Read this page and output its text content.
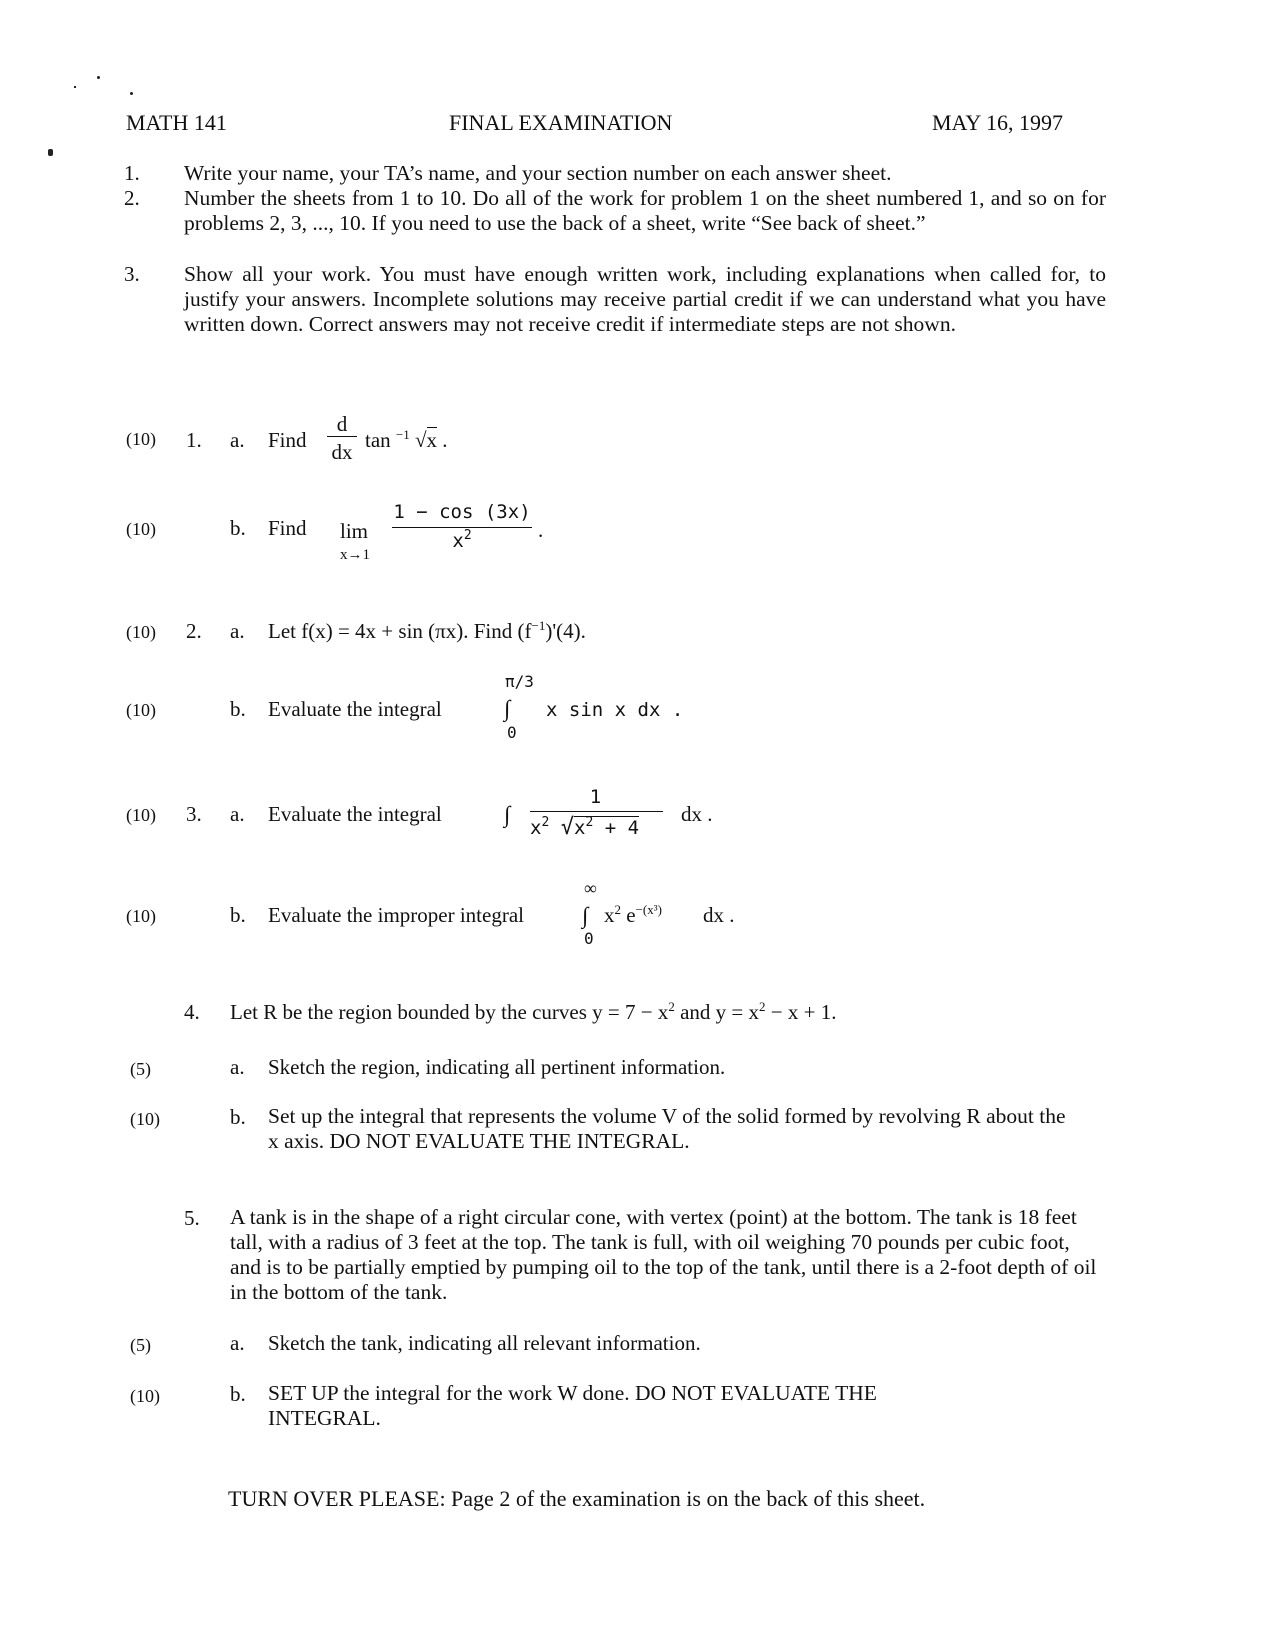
MATH 141	FINAL EXAMINATION	MAY 16, 1997
1. Write your name, your TA’s name, and your section number on each answer sheet.
2. Number the sheets from 1 to 10. Do all of the work for problem 1 on the sheet numbered 1, and so on for problems 2, 3, ..., 10. If you need to use the back of a sheet, write “See back of sheet.”
3. Show all your work. You must have enough written work, including explanations when called for, to justify your answers. Incomplete solutions may receive partial credit if we can understand what you have written down. Correct answers may not receive credit if intermediate steps are not shown.
(10) 1. a. Find
d
dx tan $^{-1}$ √x .
(10)	b. Find lim
x→1
1 − cos (3x)
$x^2$	.
(10) 2. a. Let f(x) = 4x + sin (πx). Find $(f^{-1})'(4)$.
(10)	b. Evaluate the integral
π/3
∫
0
x sin x dx .
(10) 3. a. Evaluate the integral	∫
1
$x^2$ $√x^2 + 4$
dx .
(10)	b. Evaluate the improper integral
∞
∫
0
$x^2$ $e^{-(x^3)}$ dx .
4. Let R be the region bounded by the curves $y = 7 - x^2$ and $y = x^2 - x + 1$.
(5)	a. Sketch the region, indicating all pertinent information.
(10)	b. Set up the integral that represents the volume V of the solid formed by revolving R about the x axis. DO NOT EVALUATE THE INTEGRAL.
5. A tank is in the shape of a right circular cone, with vertex (point) at the bottom. The tank is 18 feet tall, with a radius of 3 feet at the top. The tank is full, with oil weighing 70 pounds per cubic foot, and is to be partially emptied by pumping oil to the top of the tank, until there is a 2-foot depth of oil in the bottom of the tank.
(5)	a. Sketch the tank, indicating all relevant information.
(10)	b. SET UP the integral for the work W done. DO NOT EVALUATE THE INTEGRAL.
TURN OVER PLEASE: Page 2 of the examination is on the back of this sheet.
